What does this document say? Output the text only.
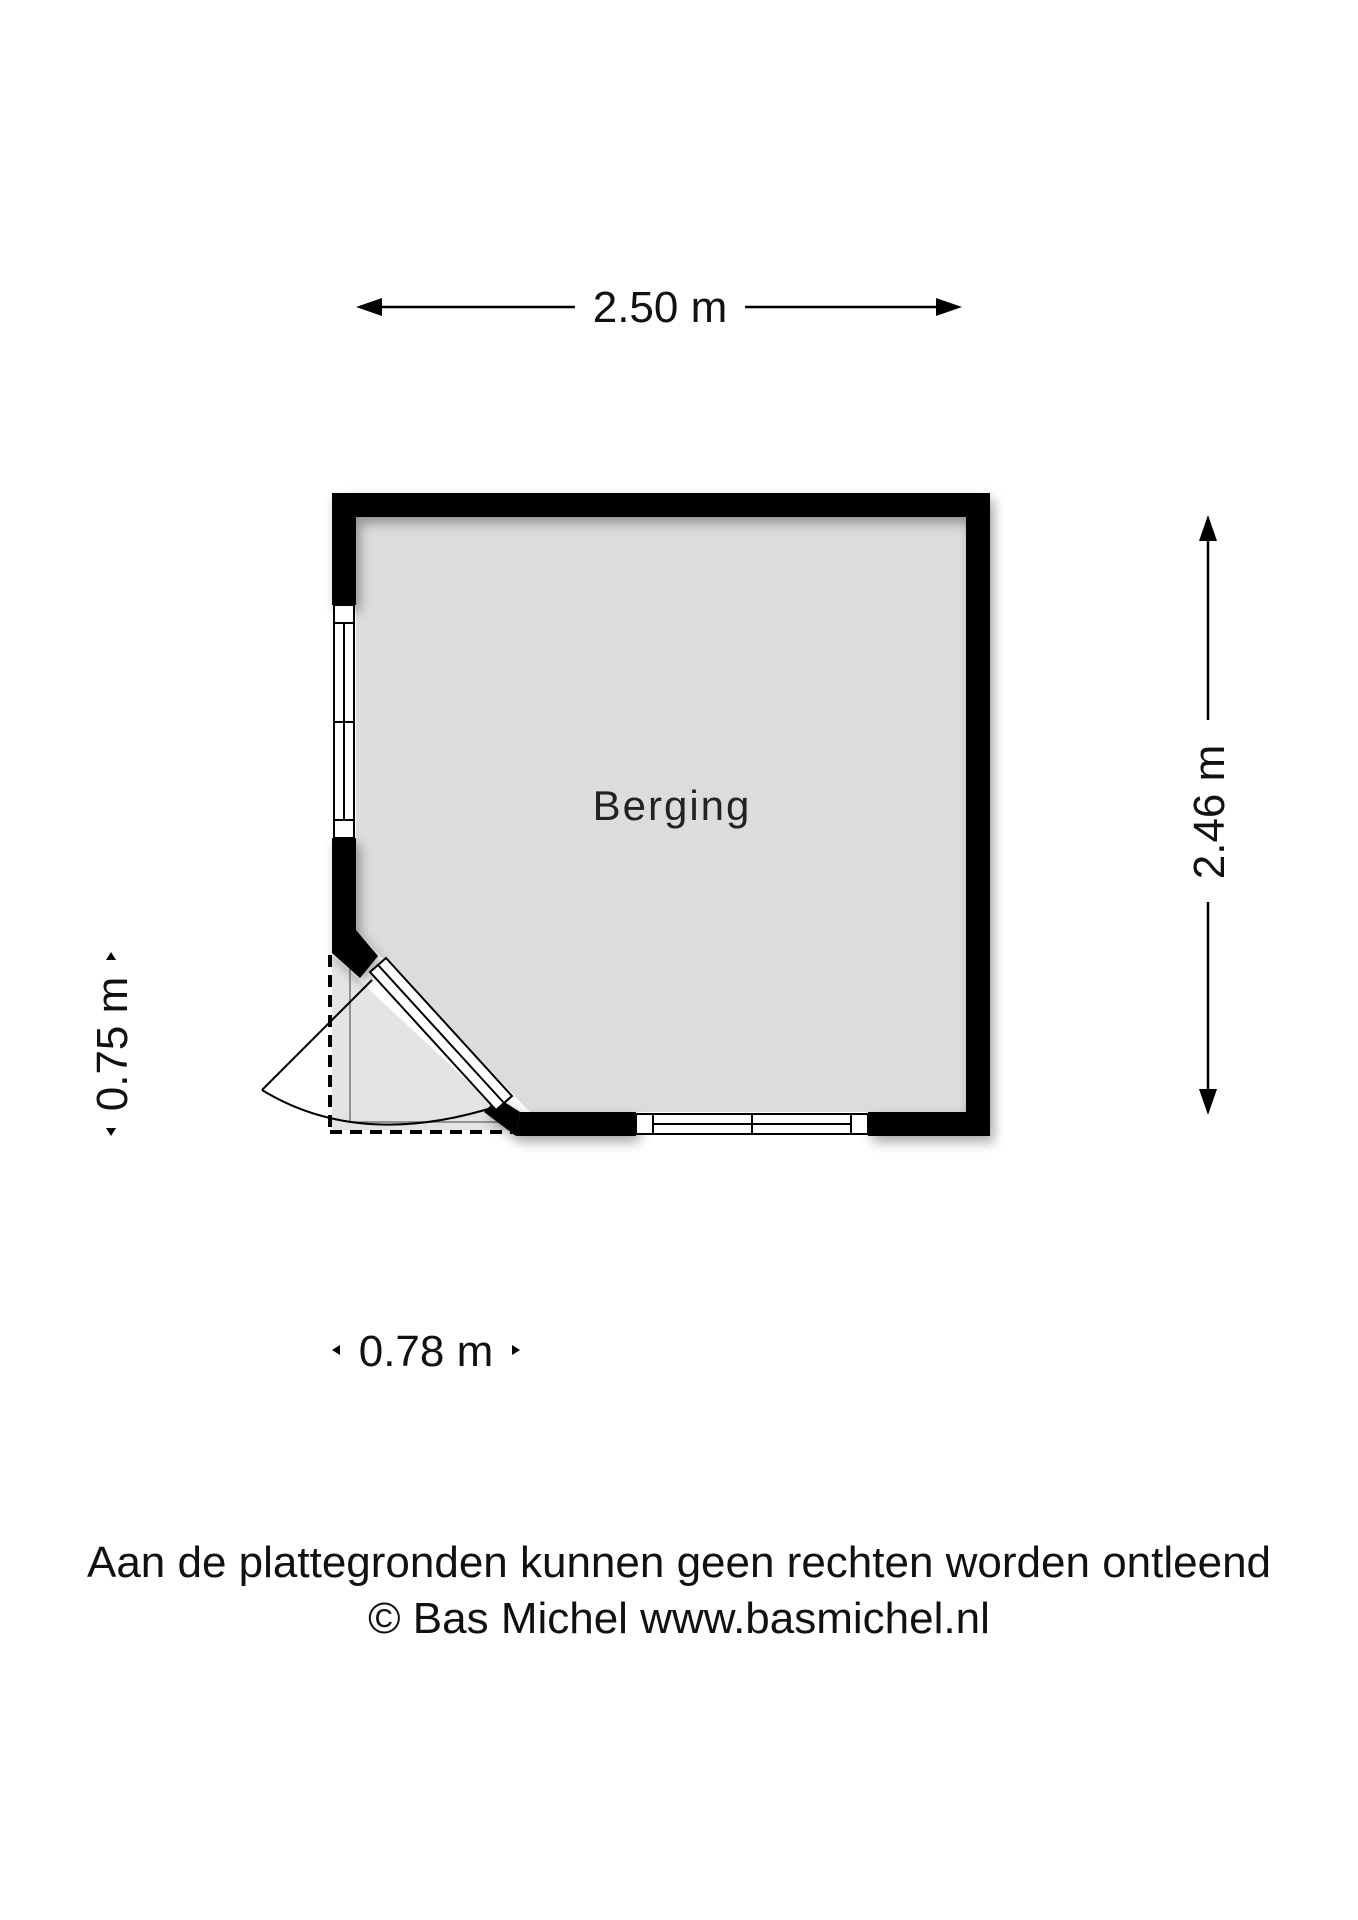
Berging
2.50 m
2.46 m
0.75 m
0.78 m
Aan de plattegronden kunnen geen rechten worden ontleend
© Bas Michel www.basmichel.nl
